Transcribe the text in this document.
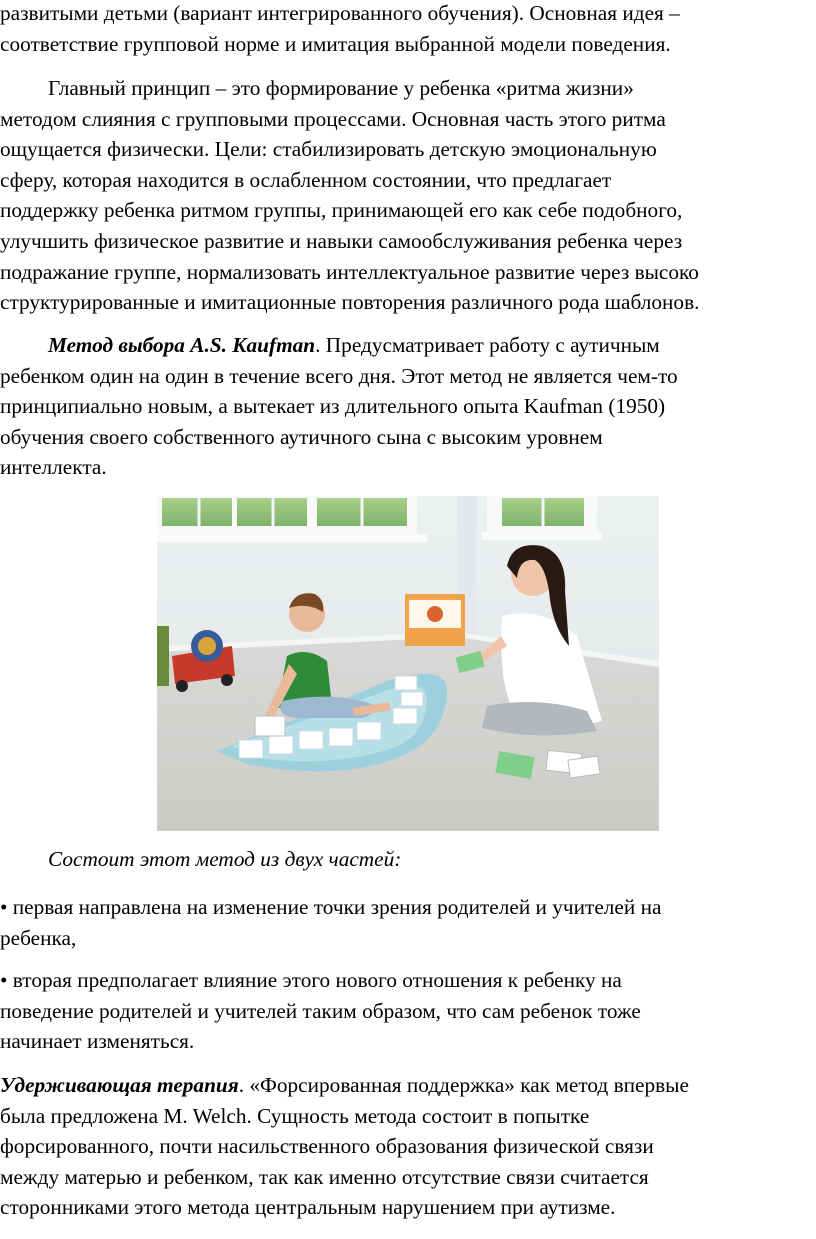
развитыми детьми (вариант интегрированного обучения). Основная идея –
соответствие групповой норме и имитация выбранной модели поведения.
Главный принцип – это формирование у ребенка «ритма жизни»
методом слияния с групповыми процессами. Основная часть этого ритма
ощущается физически. Цели: стабилизировать детскую эмоциональную
сферу, которая находится в ослабленном состоянии, что предлагает
поддержку ребенка ритмом группы, принимающей его как себе подобного,
улучшить физическое развитие и навыки самообслуживания ребенка через
подражание группе, нормализовать интеллектуальное развитие через высоко
структурированные и имитационные повторения различного рода шаблонов.
Метод выбора A.S. Kaufman. Предусматривает работу с аутичным
ребенком один на один в течение всего дня. Этот метод не является чем-то
принципиально новым, а вытекает из длительного опыта Kaufman (1950)
обучения своего собственного аутичного сына с высоким уровнем
интеллекта.
Состоит этот метод из двух частей:
• первая направлена на изменение точки зрения родителей и учителей на
ребенка,
• вторая предполагает влияние этого нового отношения к ребенку на
поведение родителей и учителей таким образом, что сам ребенок тоже
начинает изменяться.
Удерживающая терапия. «Форсированная поддержка» как метод впервые
была предложена M. Welch. Сущность метода состоит в попытке
форсированного, почти насильственного образования физической связи
между матерью и ребенком, так как именно отсутствие связи считается
сторонниками этого метода центральным нарушением при аутизме.
